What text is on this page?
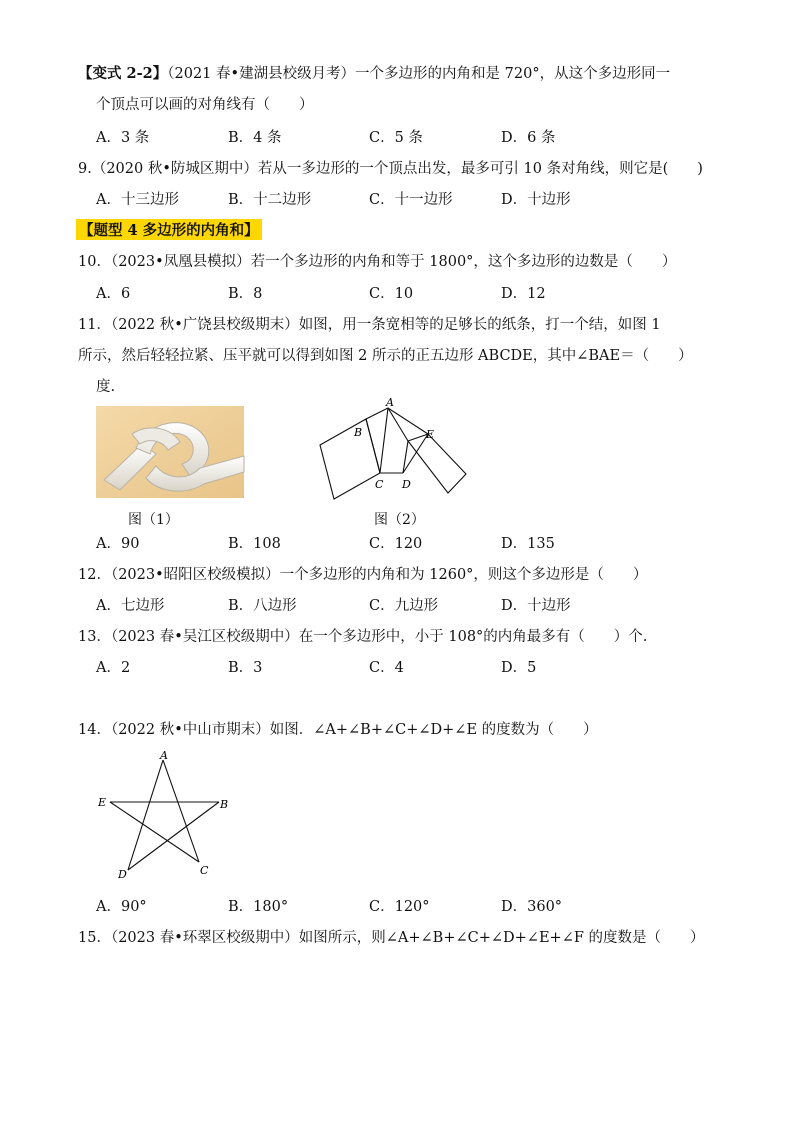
【变式 2-2】（2021 春•建湖县校级月考）一个多边形的内角和是 720°，从这个多边形同一
个顶点可以画的对角线有（　　）
A．3 条	B．4 条	C．5 条	D．6 条
9.（2020 秋•防城区期中）若从一多边形的一个顶点出发，最多可引 10 条对角线，则它是(　　)
A．十三边形	B．十二边形	C．十一边形	D．十边形
【题型 4 多边形的内角和】
10．（2023•凤凰县模拟）若一个多边形的内角和等于 1800°，这个多边形的边数是（　　）
A．6	B．8	C．10	D．12
11．（2022 秋•广饶县校级期末）如图，用一条宽相等的足够长的纸条，打一个结，如图 1
所示，然后轻轻拉紧、压平就可以得到如图 2 所示的正五边形 ABCDE，其中∠BAE＝（　　）
度.
图（1）
A
B
C D
E
图（2）
A．90	B．108	C．120	D．135
12．（2023•昭阳区校级模拟）一个多边形的内角和为 1260°，则这个多边形是（　　）
A．七边形	B．八边形	C．九边形	D．十边形
13．（2023 春•吴江区校级期中）在一个多边形中，小于 108°的内角最多有（　　）个.
A．2	B．3	C．4	D．5
14．（2022 秋•中山市期末）如图．∠A+∠B+∠C+∠D+∠E 的度数为（　　）
A
B
C
D
E
A．90°	B．180°	C．120°	D．360°
15．（2023 春•环翠区校级期中）如图所示，则∠A+∠B+∠C+∠D+∠E+∠F 的度数是（　　）
